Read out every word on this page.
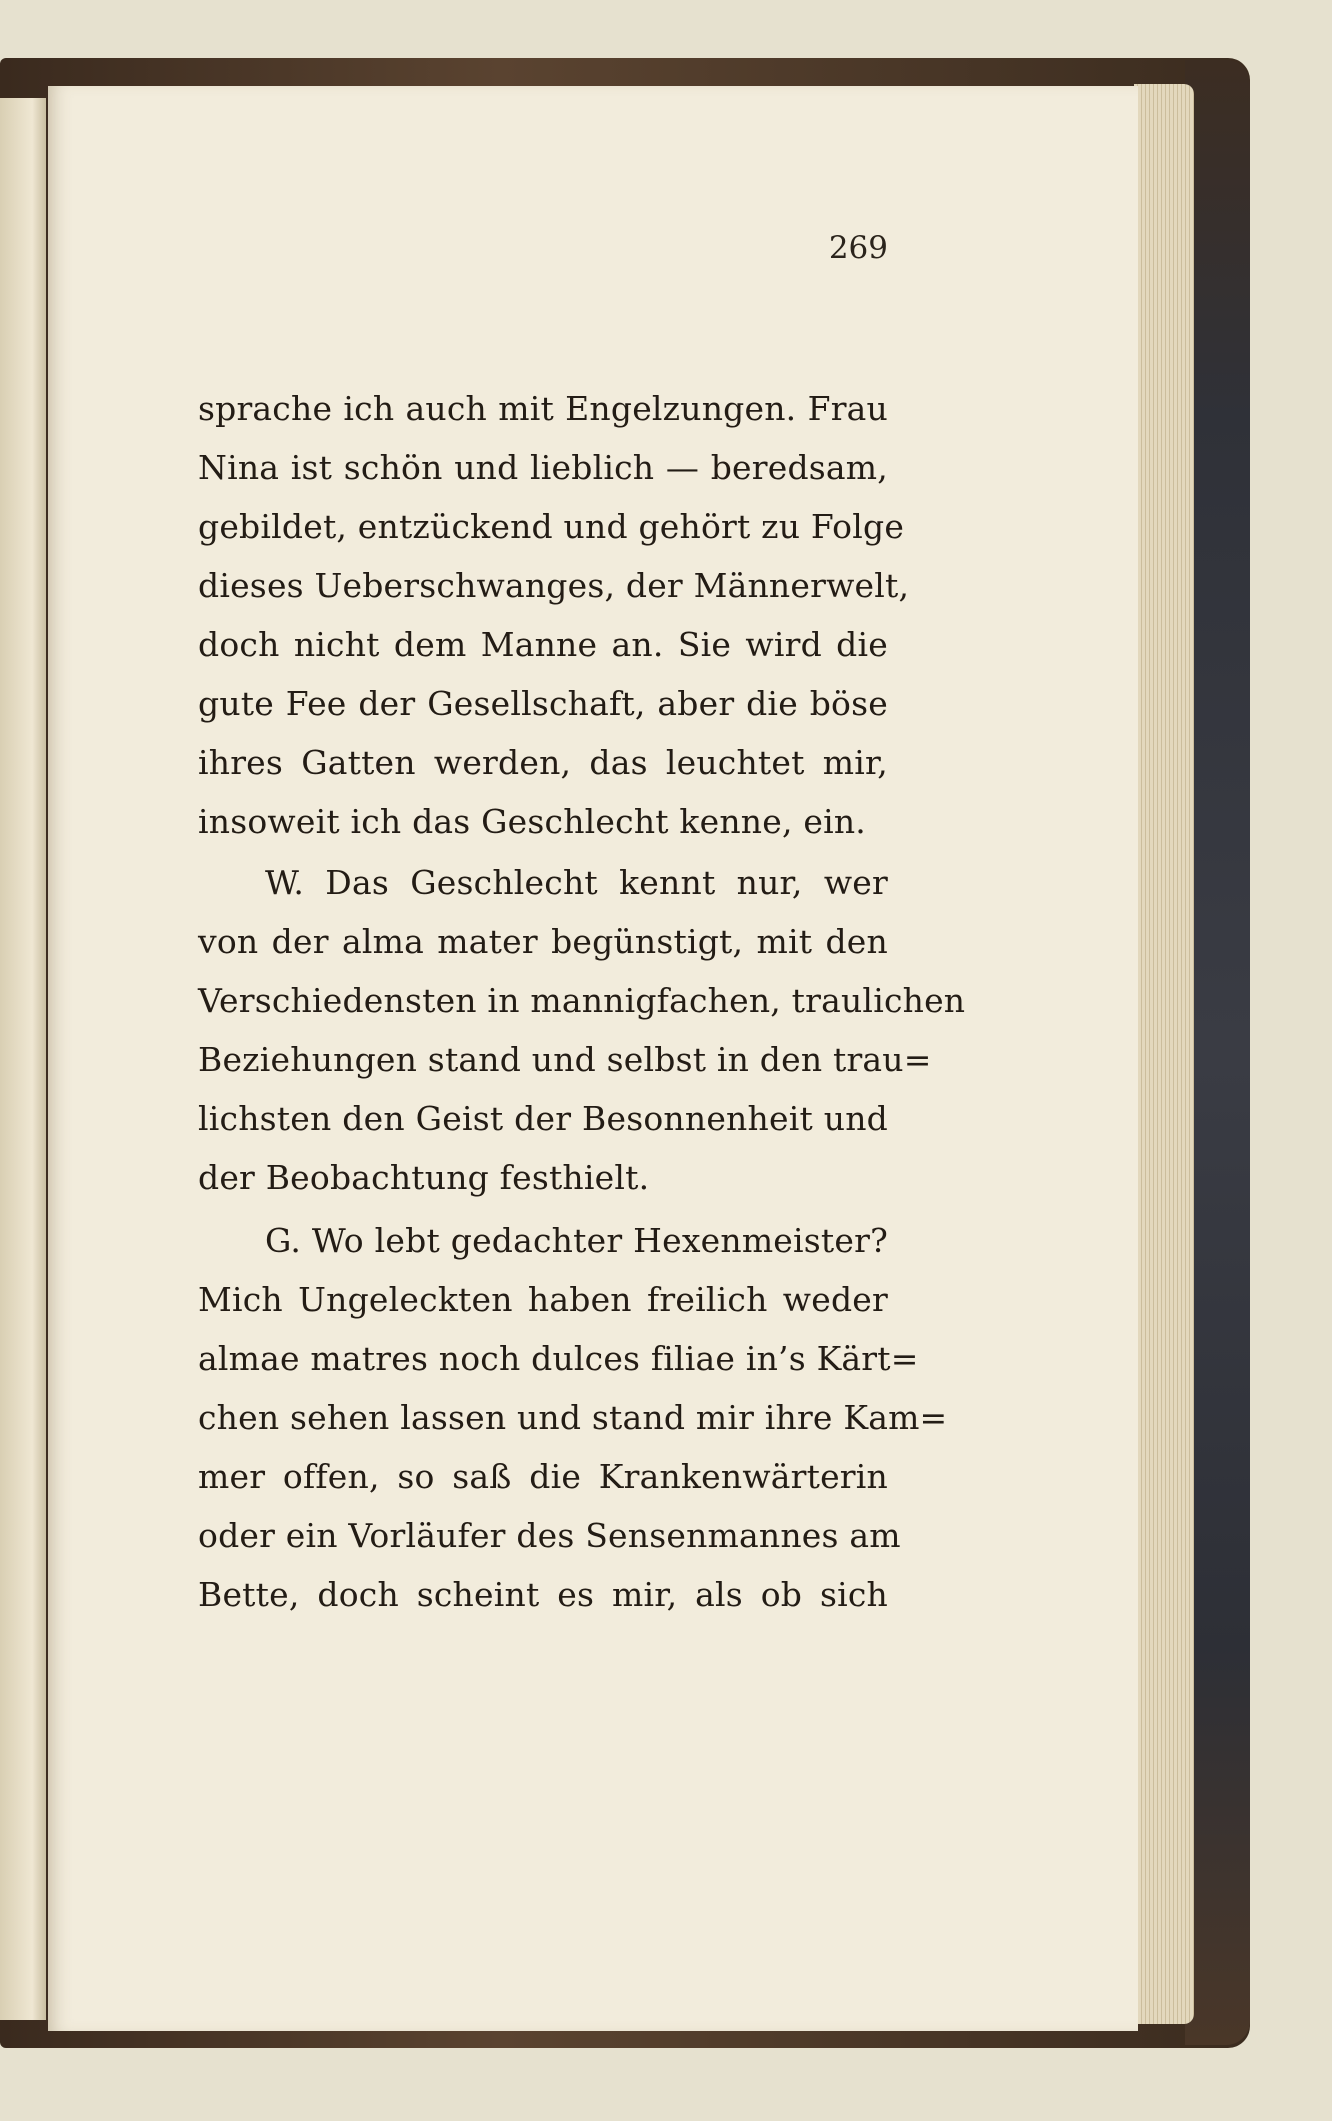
269

sprache ich auch mit Engelzungen. Frau

Nina ist schön und lieblich — beredsam,

gebildet, entzückend und gehört zu Folge

dieses Ueberschwanges, der Männerwelt,

doch nicht dem Manne an. Sie wird die

gute Fee der Gesellschaft, aber die böse

ihres Gatten werden, das leuchtet mir,

insoweit ich das Geschlecht kenne, ein.

W. Das Geschlecht kennt nur, wer

von der alma mater begünstigt, mit den

Verschiedensten in mannigfachen, traulichen

Beziehungen stand und selbst in den trau=

lichsten den Geist der Besonnenheit und

der Beobachtung festhielt.

G. Wo lebt gedachter Hexenmeister?

Mich Ungeleckten haben freilich weder

almae matres noch dulces filiae in’s Kärt=

chen sehen lassen und stand mir ihre Kam=

mer offen, so saß die Krankenwärterin

oder ein Vorläufer des Sensenmannes am

Bette, doch scheint es mir, als ob sich
